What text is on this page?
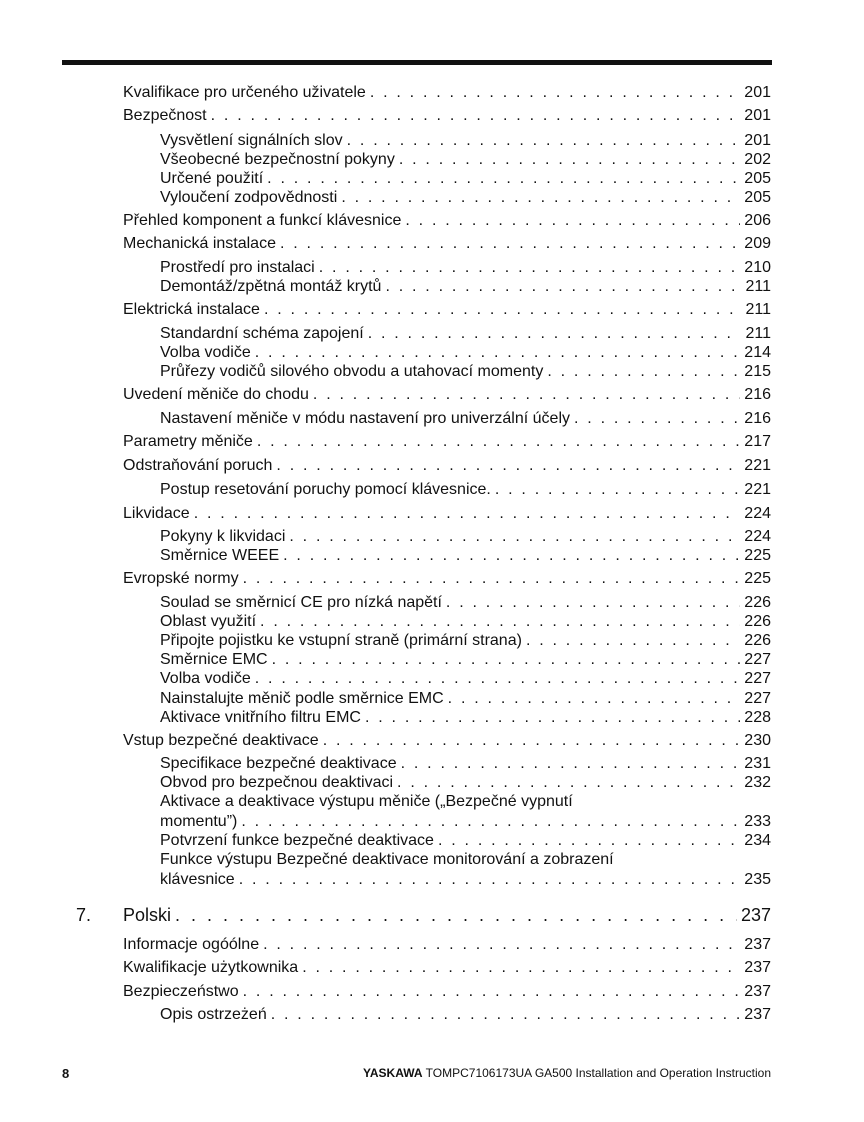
Kvalifikace pro určeného uživatele . . .	201
Bezpečnost . . .	201
Vysvětlení signálních slov . . .	201
Všeobecné bezpečnostní pokyny . . .	202
Určené použití . . .	205
Vyloučení zodpovědnosti . . .	205
Přehled komponent a funkcí klávesnice . . .	206
Mechanická instalace . . .	209
Prostředí pro instalaci . . .	210
Demontáž/zpětná montáž krytů . . .	211
Elektrická instalace . . .	211
Standardní schéma zapojení . . .	211
Volba vodiče . . .	214
Průřezy vodičů silového obvodu a utahovací momenty . . .	215
Uvedení měniče do chodu . . .	216
Nastavení měniče v módu nastavení pro univerzální účely . . .	216
Parametry měniče . . .	217
Odstraňování poruch . . .	221
Postup resetování poruchy pomocí klávesnice. . . .	221
Likvidace . . .	224
Pokyny k likvidaci . . .	224
Směrnice WEEE . . .	225
Evropské normy . . .	225
Soulad se směrnicí CE pro nízká napětí . . .	226
Oblast využití . . .	226
Připojte pojistku ke vstupní straně (primární strana) . . .	226
Směrnice EMC . . .	227
Volba vodiče . . .	227
Nainstalujte měnič podle směrnice EMC . . .	227
Aktivace vnitřního filtru EMC . . .	228
Vstup bezpečné deaktivace . . .	230
Specifikace bezpečné deaktivace . . .	231
Obvod pro bezpečnou deaktivaci . . .	232
Aktivace a deaktivace výstupu měniče („Bezpečné vypnutí
momentu”) . . .	233
Potvrzení funkce bezpečné deaktivace . . .	234
Funkce výstupu Bezpečné deaktivace monitorování a zobrazení
klávesnice . . .	235
7.	Polski . . .	237
Informacje ogóólne . . .	237
Kwalifikacje użytkownika . . .	237
Bezpieczeństwo . . .	237
Opis ostrzeżeń . . .	237
8	YASKAWA TOMPC7106173UA GA500 Installation and Operation Instruction
